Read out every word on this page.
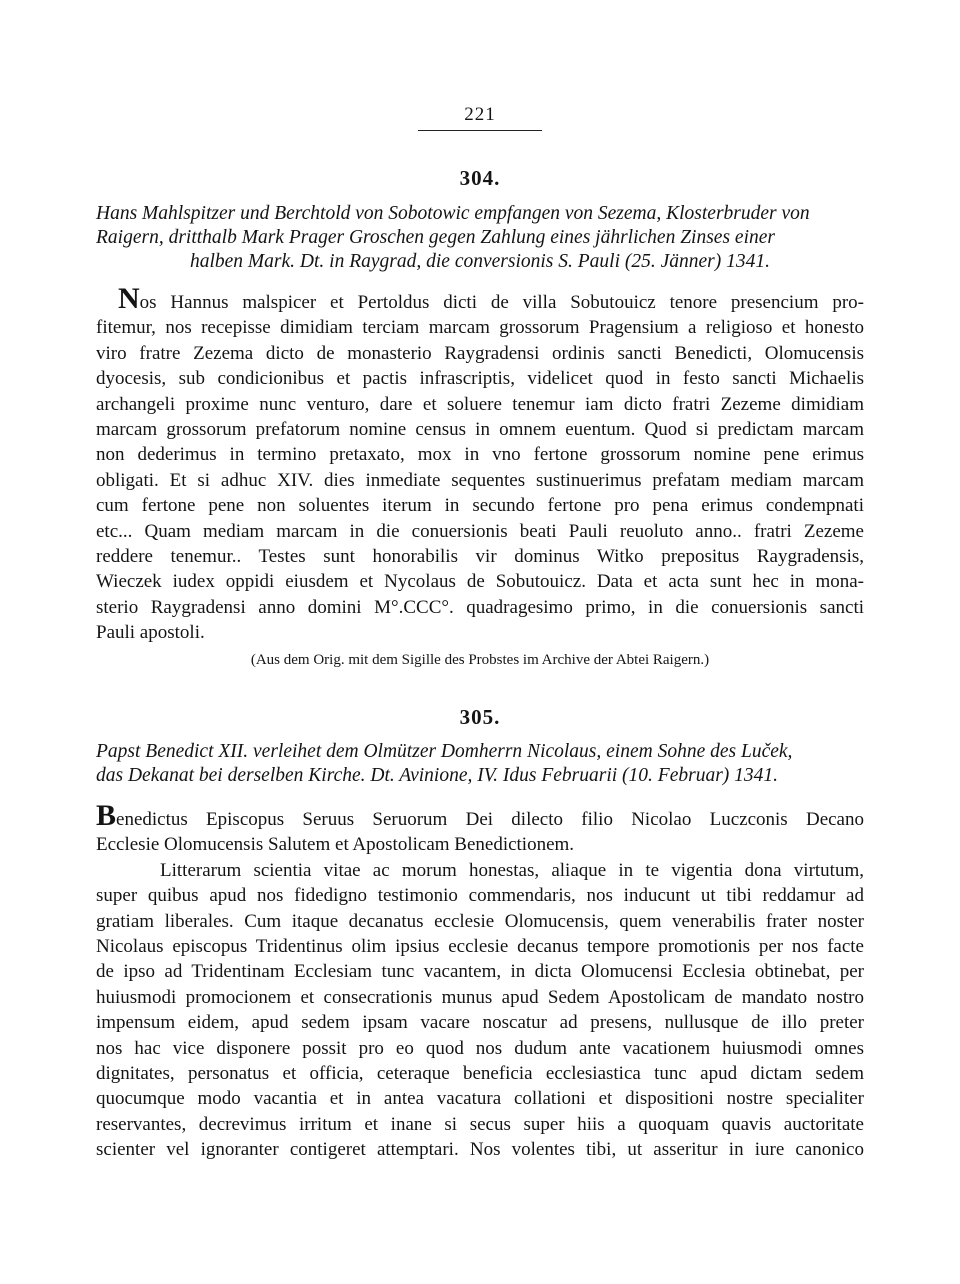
221
304.
Hans Mahlspitzer und Berchtold von Sobotowic empfangen von Sezema, Klosterbruder von
Raigern, dritthalb Mark Prager Groschen gegen Zahlung eines jährlichen Zinses einer
halben Mark. Dt. in Raygrad, die conversionis S. Pauli (25. Jänner) 1341.
Nos Hannus malspicer et Pertoldus dicti de villa Sobutouicz tenore presencium pro-
fitemur, nos recepisse dimidiam terciam marcam grossorum Pragensium a religioso et honesto
viro fratre Zezema dicto de monasterio Raygradensi ordinis sancti Benedicti, Olomucensis
dyocesis, sub condicionibus et pactis infrascriptis, videlicet quod in festo sancti Michaelis
archangeli proxime nunc venturo, dare et soluere tenemur iam dicto fratri Zezeme dimidiam
marcam grossorum prefatorum nomine census in omnem euentum. Quod si predictam marcam
non dederimus in termino pretaxato, mox in vno fertone grossorum nomine pene erimus
obligati. Et si adhuc XIV. dies inmediate sequentes sustinuerimus prefatam mediam marcam
cum fertone pene non soluentes iterum in secundo fertone pro pena erimus condempnati
etc... Quam mediam marcam in die conuersionis beati Pauli reuoluto anno.. fratri Zezeme
reddere tenemur.. Testes sunt honorabilis vir dominus Witko prepositus Raygradensis,
Wieczek iudex oppidi eiusdem et Nycolaus de Sobutouicz. Data et acta sunt hec in mona-
sterio Raygradensi anno domini M°.CCC°. quadragesimo primo, in die conuersionis sancti
Pauli apostoli.
(Aus dem Orig. mit dem Sigille des Probstes im Archive der Abtei Raigern.)
305.
Papst Benedict XII. verleihet dem Olmützer Domherrn Nicolaus, einem Sohne des Luček,
das Dekanat bei derselben Kirche. Dt. Avinione, IV. Idus Februarii (10. Februar) 1341.
Benedictus Episcopus Seruus Seruorum Dei dilecto filio Nicolao Luczconis Decano
Ecclesie Olomucensis Salutem et Apostolicam Benedictionem.
Litterarum scientia vitae ac morum honestas, aliaque in te vigentia dona virtutum,
super quibus apud nos fidedigno testimonio commendaris, nos inducunt ut tibi reddamur ad
gratiam liberales. Cum itaque decanatus ecclesie Olomucensis, quem venerabilis frater noster
Nicolaus episcopus Tridentinus olim ipsius ecclesie decanus tempore promotionis per nos facte
de ipso ad Tridentinam Ecclesiam tunc vacantem, in dicta Olomucensi Ecclesia obtinebat, per
huiusmodi promocionem et consecrationis munus apud Sedem Apostolicam de mandato nostro
impensum eidem, apud sedem ipsam vacare noscatur ad presens, nullusque de illo preter
nos hac vice disponere possit pro eo quod nos dudum ante vacationem huiusmodi omnes
dignitates, personatus et officia, ceteraque beneficia ecclesiastica tunc apud dictam sedem
quocumque modo vacantia et in antea vacatura collationi et dispositioni nostre specialiter
reservantes, decrevimus irritum et inane si secus super hiis a quoquam quavis auctoritate
scienter vel ignoranter contigeret attemptari. Nos volentes tibi, ut asseritur in iure canonico
